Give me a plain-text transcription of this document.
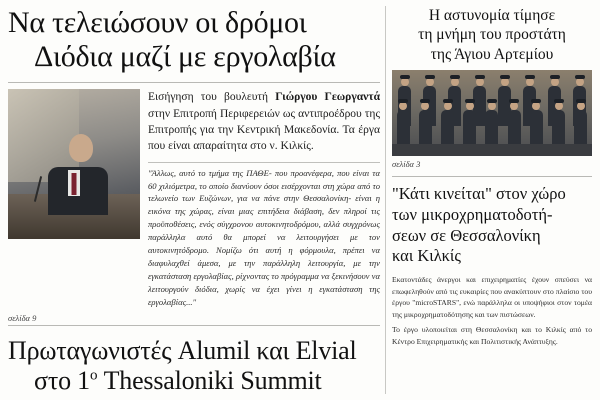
Να τελειώσουν οι δρόμοι
Διόδια μαζί με εργολαβία

Εισήγηση του βουλευτή Γιώργου Γεωργαντά στην Επιτροπή Περιφερειών ως αντιπροέδρου της Επιτροπής για την Κεντρική Μακεδονία. Τα έργα που είναι απαραίτητα στο ν. Κιλκίς.

"Άλλως, αυτό το τμήμα της ΠΑΘΕ- που προανέφερα, που είναι τα 60 χιλιόμετρα, το οποίο διανύουν όσοι εισέρχονται στη χώρα από το τελωνείο των Ευζώνων, για να πάνε στην Θεσσαλονίκη- είναι η εικόνα της χώρας, είναι μιας επιτήδεια διάβαση, δεν πληροί τις προϋποθέσεις, ενός σύγχρονου αυτοκινητοδρόμου, αλλά συγχρόνως παράλληλα αυτό θα μπορεί να λειτουργήσει με τον αυτοκινητόδρομο. Νομίζω ότι αυτή η φόρμουλα, πρέπει να διαφυλαχθεί άμεσα, με την παράλληλη λειτουργία, με την εγκατάσταση εργολαβίας, ρίχνοντας το πρόγραμμα να ξεκινήσουν να λειτουργούν διόδια, χωρίς να έχει γίνει η εγκατάσταση της εργολαβίας..."
σελίδα 9
Πρωταγωνιστές Alumil και Elvial
στο $1^o$ Thessaloniki Summit
Η αστυνομία τίμησε
τη μνήμη του προστάτη
της Άγιου Αρτεμίου
σελίδα 3
"Κάτι κινείται" στον χώρο
των μικροχρηματοδοτή-
σεων σε Θεσσαλονίκη
και Κιλκίς

Εκατοντάδες άνεργοι και επιχειρηματίες έχουν σπεύσει να επωφεληθούν από τις ευκαιρίες που ανακύπτουν στο πλαίσιο του έργου "microSTARS", ενώ παράλληλα οι υποψήφιοι στον τομέα της μικροχρηματοδότησης και των πιστώσεων.

Το έργο υλοποιείται στη Θεσσαλονίκη και το Κιλκίς από το Κέντρο Επιχειρηματικής και Πολιτιστικής Ανάπτυξης.
